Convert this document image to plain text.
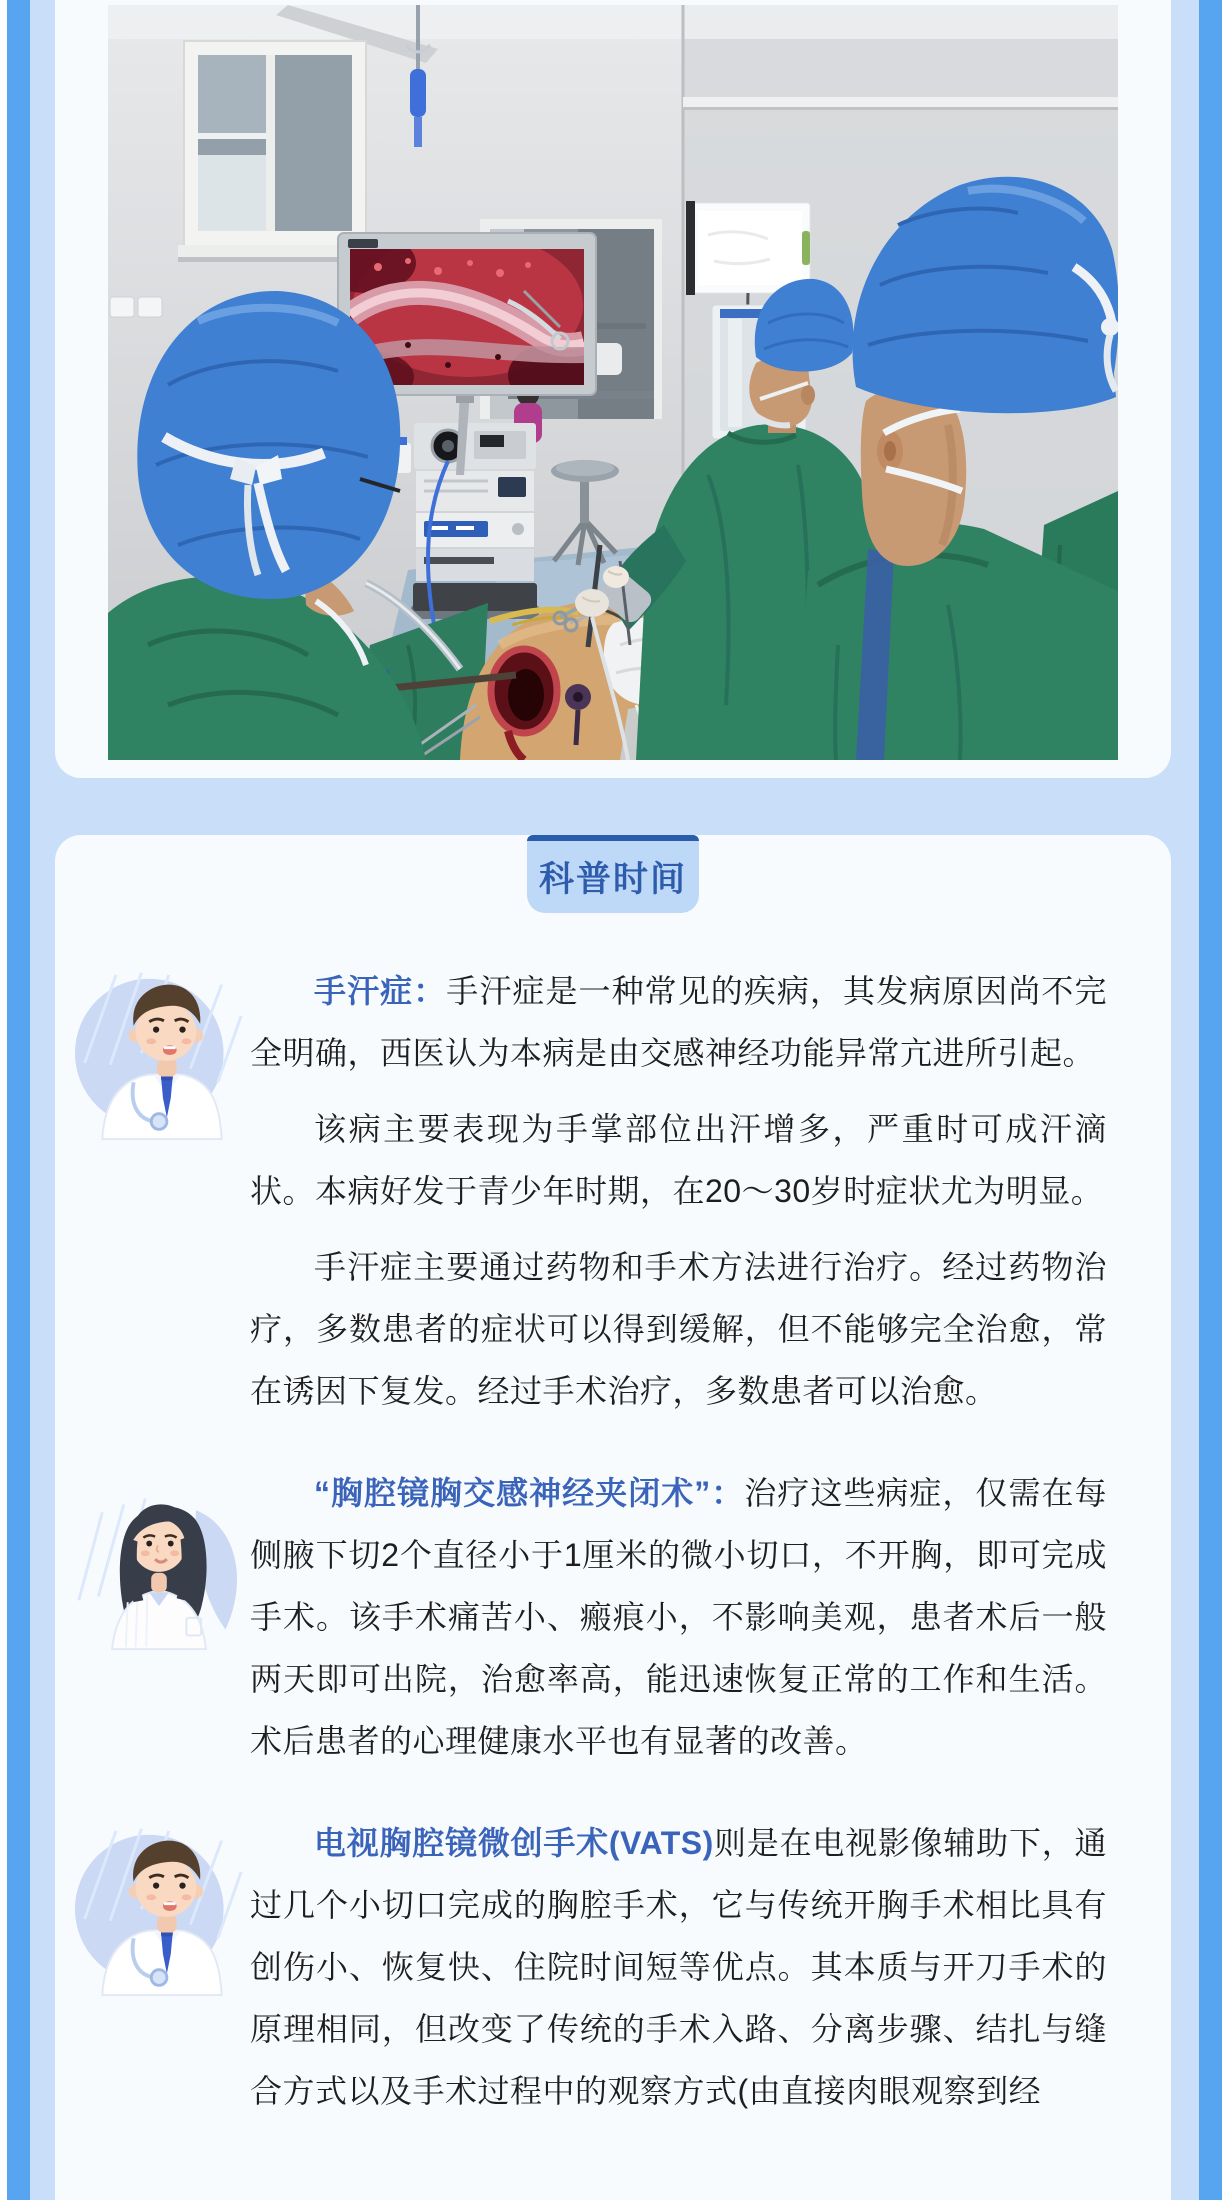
科普时间

手汗症：手汗症是一种常见的疾病，其发病原因尚不完全明确，西医认为本病是由交感神经功能异常亢进所引起。

该病主要表现为手掌部位出汗增多，严重时可成汗滴状。本病好发于青少年时期，在20～30岁时症状尤为明显。

手汗症主要通过药物和手术方法进行治疗。经过药物治疗，多数患者的症状可以得到缓解，但不能够完全治愈，常在诱因下复发。经过手术治疗，多数患者可以治愈。

“胸腔镜胸交感神经夹闭术”：治疗这些病症，仅需在每侧腋下切2个直径小于1厘米的微小切口，不开胸，即可完成手术。该手术痛苦小、瘢痕小，不影响美观，患者术后一般两天即可出院，治愈率高，能迅速恢复正常的工作和生活。术后患者的心理健康水平也有显著的改善。

电视胸腔镜微创手术(VATS)则是在电视影像辅助下，通过几个小切口完成的胸腔手术，它与传统开胸手术相比具有创伤小、恢复快、住院时间短等优点。其本质与开刀手术的原理相同，但改变了传统的手术入路、分离步骤、结扎与缝合方式以及手术过程中的观察方式(由直接肉眼观察到经
